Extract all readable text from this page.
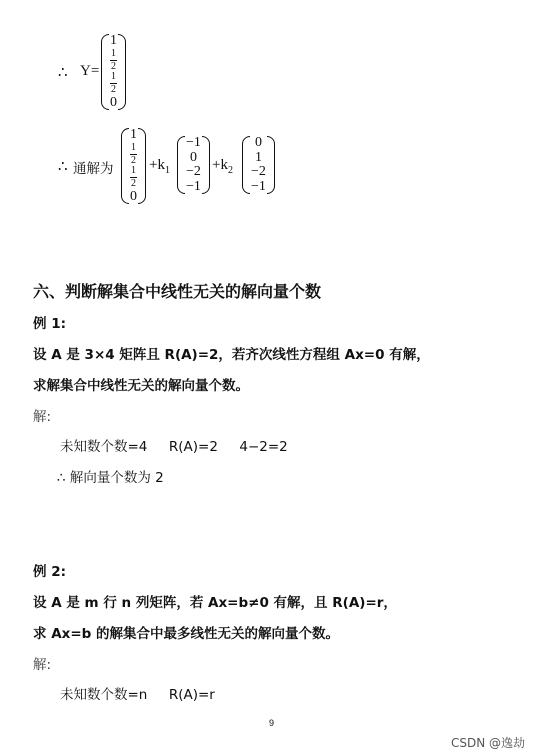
∴ Y=
1
$\frac{1}{2}$
$\frac{1}{2}$
0
∴ 通解为
1
$\frac{1}{2}$
$\frac{1}{2}$
0
$+k_1$
−1
0
−2
−1
$+k_2$
0
1
−2
−1
六、判断解集合中线性无关的解向量个数
例 1:
设 A 是 3×4 矩阵且 R(A)=2，若齐次线性方程组 Ax=0 有解，
求解集合中线性无关的解向量个数。
解:
未知数个数=4     R(A)=2     4−2=2
∴ 解向量个数为 2
例 2:
设 A 是 m 行 n 列矩阵，若 Ax=b≠0 有解，且 R(A)=r，
求 Ax=b 的解集合中最多线性无关的解向量个数。
解:
未知数个数=n     R(A)=r
9
CSDN @逸劫
